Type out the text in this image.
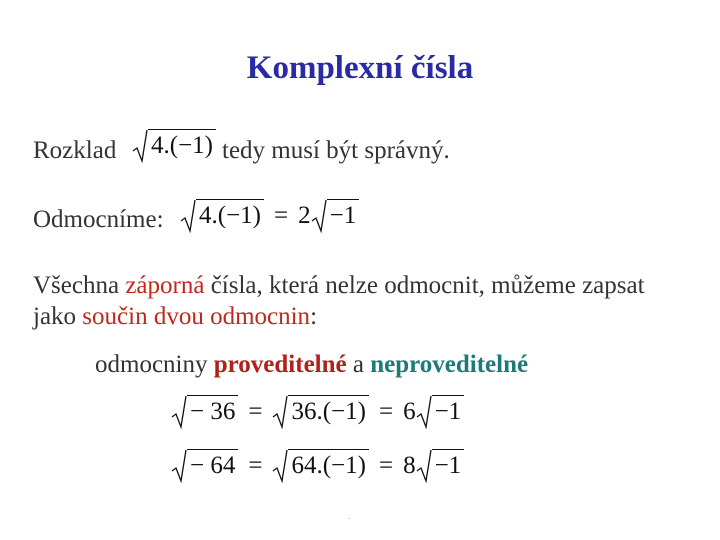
Komplexní čísla
Rozklad 4.(−1) tedy musí být správný.
Odmocníme: 4.(−1) = 2 −1
Všechna záporná čísla, která nelze odmocnit, můžeme zapsat
jako součin dvou odmocnin:
odmocniny proveditelné a neproveditelné
− 36 =	36.(−1) = 6 −1
− 64 =	64.(−1) = 8 −1
.
